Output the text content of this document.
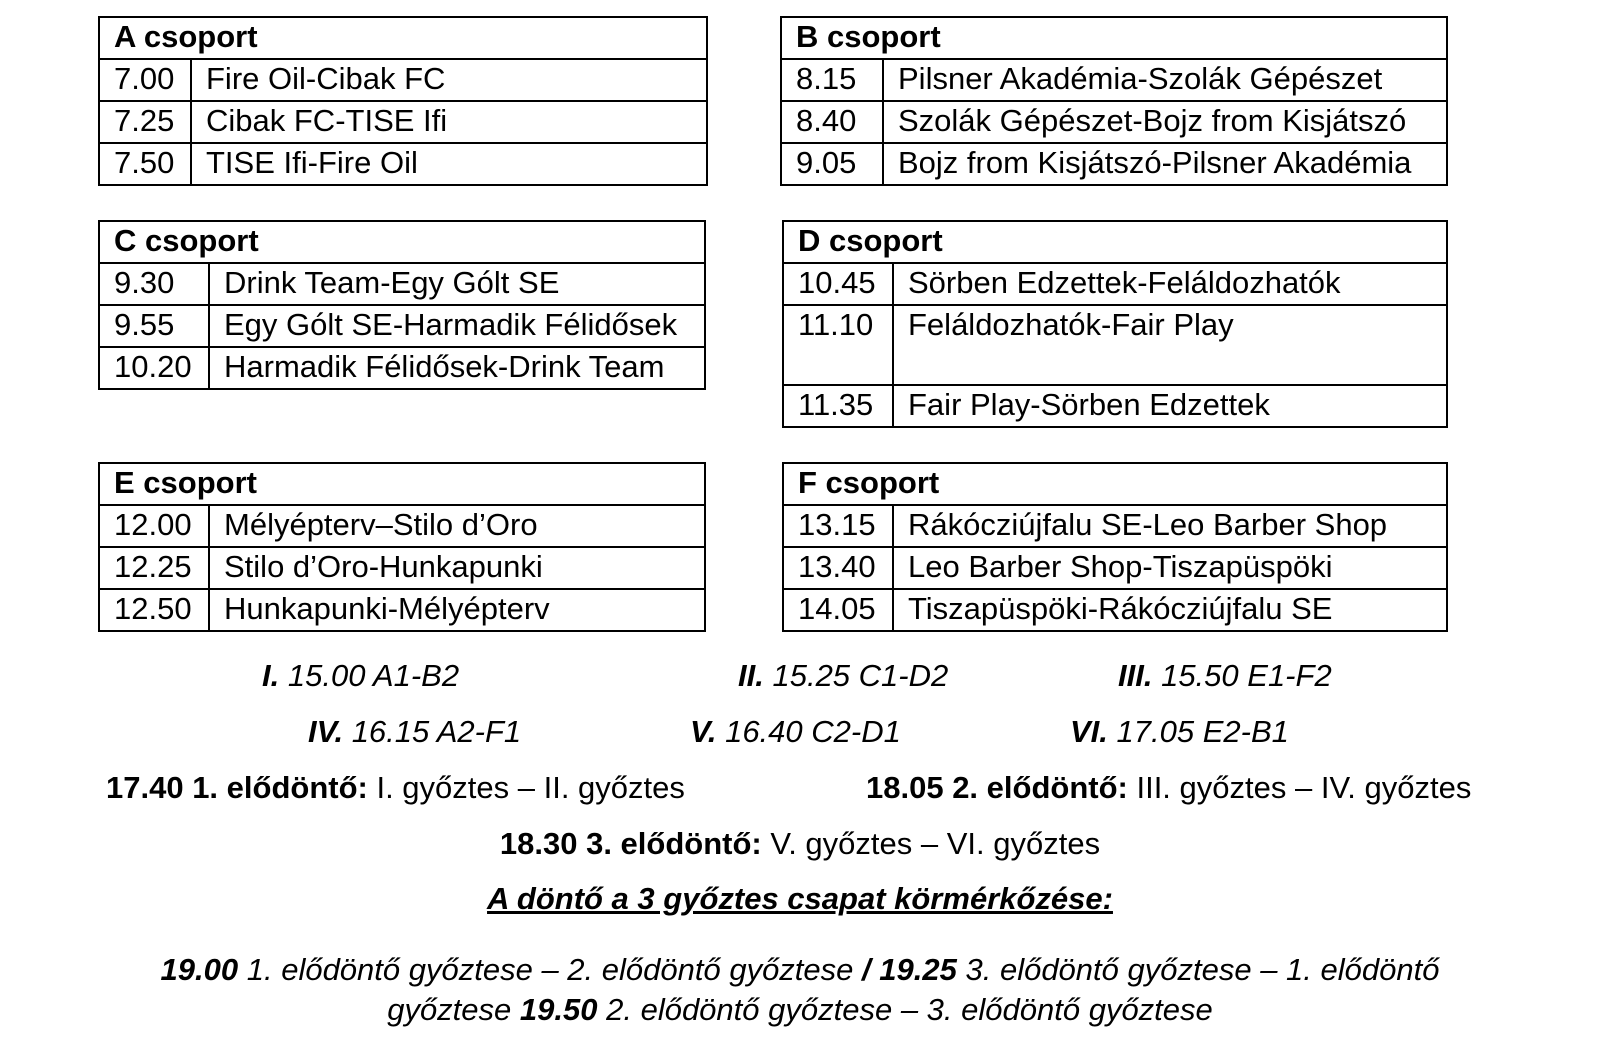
A csoport	
7.00	Fire Oil-Cibak FC
7.25	Cibak FC-TISE Ifi
7.50	TISE Ifi-Fire Oil
B csoport	
8.15	Pilsner Akadémia-Szolák Gépészet
8.40	Szolák Gépészet-Bojz from Kisjátszó
9.05	Bojz from Kisjátszó-Pilsner Akadémia
C csoport	
9.30	Drink Team-Egy Gólt SE
9.55	Egy Gólt SE-Harmadik Félidősek
10.20	Harmadik Félidősek-Drink Team
D csoport	
10.45	Sörben Edzettek-Feláldozhatók
11.10	Feláldozhatók-Fair Play
11.35	Fair Play-Sörben Edzettek
E csoport	
12.00	Mélyépterv–Stilo d’Oro
12.25	Stilo d’Oro-Hunkapunki
12.50	Hunkapunki-Mélyépterv
F csoport	
13.15	Rákócziújfalu SE-Leo Barber Shop
13.40	Leo Barber Shop-Tiszapüspöki
14.05	Tiszapüspöki-Rákócziújfalu SE
I. 15.00 A1-B2	II. 15.25 C1-D2	III. 15.50 E1-F2
IV. 16.15 A2-F1	V. 16.40 C2-D1	VI. 17.05 E2-B1
17.40 1. elődöntő: I. győztes – II. győztes	18.05 2. elődöntő: III. győztes – IV. győztes
18.30 3. elődöntő: V. győztes – VI. győztes
A döntő a 3 győztes csapat körmérkőzése:
19.00 1. elődöntő győztese – 2. elődöntő győztese / 19.25 3. elődöntő győztese – 1. elődöntő
győztese 19.50 2. elődöntő győztese – 3. elődöntő győztese
